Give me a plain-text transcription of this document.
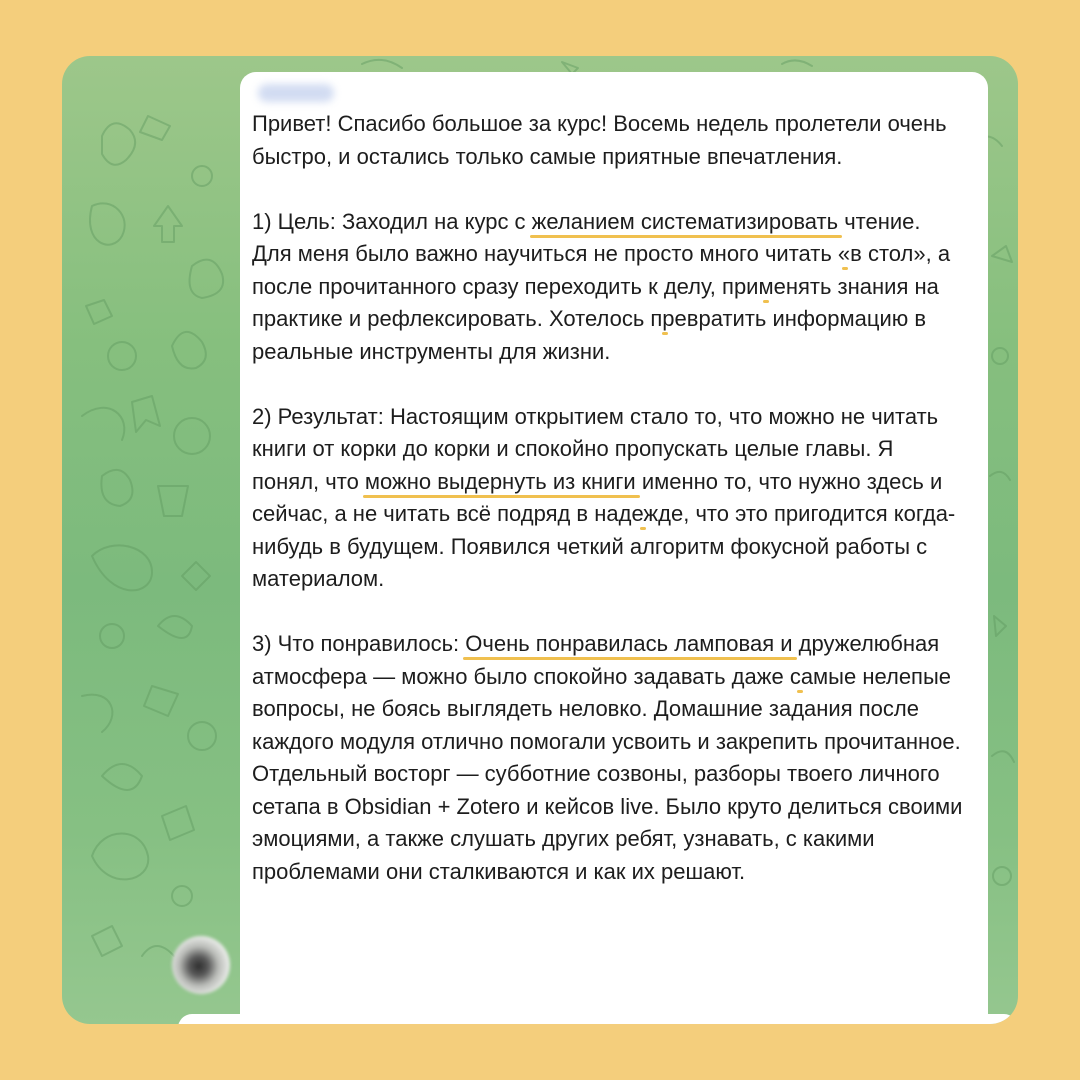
Привет! Спасибо большое за курс! Восемь недель пролетели очень быстро, и остались только самые приятные впечатления.

1) Цель: Заходил на курс с желанием систематизировать чтение. Для меня было важно научиться не просто много читать «в стол», а после прочитанного сразу переходить к делу, применять знания на практике и рефлексировать. Хотелось превратить информацию в реальные инструменты для жизни.

2) Результат: Настоящим открытием стало то, что можно не читать книги от корки до корки и спокойно пропускать целые главы. Я понял, что можно выдернуть из книги именно то, что нужно здесь и сейчас, а не читать всё подряд в надежде, что это пригодится когда-нибудь в будущем. Появился четкий алгоритм фокусной работы с материалом.

3) Что понравилось: Очень понравилась ламповая и дружелюбная атмосфера — можно было спокойно задавать даже самые нелепые вопросы, не боясь выглядеть неловко. Домашние задания после каждого модуля отлично помогали усвоить и закрепить прочитанное. Отдельный восторг — субботние созвоны, разборы твоего личного сетапа в Obsidian + Zotero и кейсов live. Было круто делиться своими эмоциями, а также слушать других ребят, узнавать, с какими проблемами они сталкиваются и как их решают.
